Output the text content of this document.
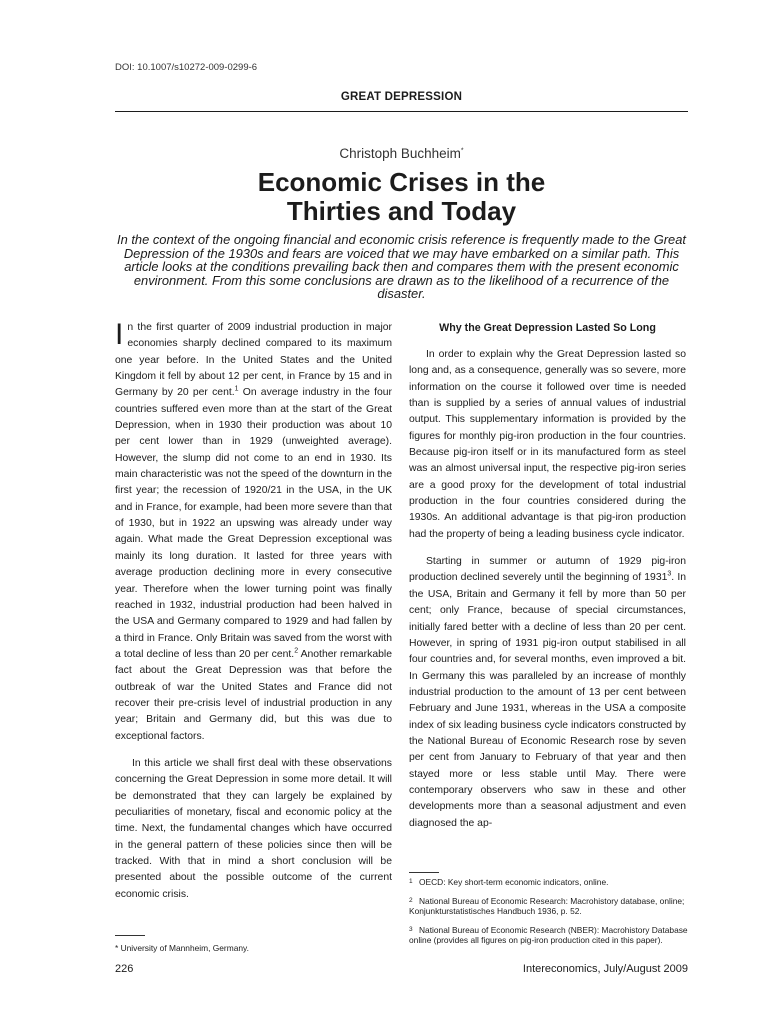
DOI: 10.1007/s10272-009-0299-6
GREAT DEPRESSION
Christoph Buchheim*
Economic Crises in the
Thirties and Today

In the context of the ongoing financial and economic crisis reference is frequently made to the Great Depression of the 1930s and fears are voiced that we may have embarked on a similar path. This article looks at the conditions prevailing back then and compares them with the present economic environment. From this some conclusions are drawn as to the likelihood of a recurrence of the disaster.

In the first quarter of 2009 industrial production in major economies sharply declined compared to its maximum one year before. In the United States and the United Kingdom it fell by about 12 per cent, in France by 15 and in Germany by 20 per cent.$^1$ On average industry in the four countries suffered even more than at the start of the Great Depression, when in 1930 their production was about 10 per cent lower than in 1929 (unweighted average). However, the slump did not come to an end in 1930. Its main characteristic was not the speed of the downturn in the first year; the recession of 1920/21 in the USA, in the UK and in France, for example, had been more severe than that of 1930, but in 1922 an upswing was already under way again. What made the Great Depression exceptional was mainly its long duration. It lasted for three years with average production declining more in every consecutive year. Therefore when the lower turning point was finally reached in 1932, industrial production had been halved in the USA and Germany compared to 1929 and had fallen by a third in France. Only Britain was saved from the worst with a total decline of less than 20 per cent.$^2$ Another remarkable fact about the Great Depression was that before the outbreak of war the United States and France did not recover their pre-crisis level of industrial production in any year; Britain and Germany did, but this was due to exceptional factors.

In this article we shall first deal with these observations concerning the Great Depression in some more detail. It will be demonstrated that they can largely be explained by peculiarities of monetary, fiscal and economic policy at the time. Next, the fundamental changes which have occurred in the general pattern of these policies since then will be tracked. With that in mind a short conclusion will be presented about the possible outcome of the current economic crisis.

Why the Great Depression Lasted So Long

In order to explain why the Great Depression lasted so long and, as a consequence, generally was so severe, more information on the course it followed over time is needed than is supplied by a series of annual values of industrial output. This supplementary information is provided by the figures for monthly pig-iron production in the four countries. Because pig-iron itself or in its manufactured form as steel was an almost universal input, the respective pig-iron series are a good proxy for the development of total industrial production in the four countries considered during the 1930s. An additional advantage is that pig-iron production had the property of being a leading business cycle indicator.

Starting in summer or autumn of 1929 pig-iron production declined severely until the beginning of 1931$^3$. In the USA, Britain and Germany it fell by more than 50 per cent; only France, because of special circumstances, initially fared better with a decline of less than 20 per cent. However, in spring of 1931 pig-iron output stabilised in all four countries and, for several months, even improved a bit. In Germany this was paralleled by an increase of monthly industrial production to the amount of 13 per cent between February and June 1931, whereas in the USA a composite index of six leading business cycle indicators constructed by the National Bureau of Economic Research rose by seven per cent from January to February of that year and then stayed more or less stable until May. There were contemporary observers who saw in these and other developments more than a seasonal adjustment and even diagnosed the ap-

* University of Mannheim, Germany.

1 OECD: Key short-term economic indicators, online.

2 National Bureau of Economic Research: Macrohistory database, online; Konjunkturstatistisches Handbuch 1936, p. 52.

3 National Bureau of Economic Research (NBER): Macrohistory Database online (provides all figures on pig-iron production cited in this paper).

226	Intereconomics, July/August 2009
